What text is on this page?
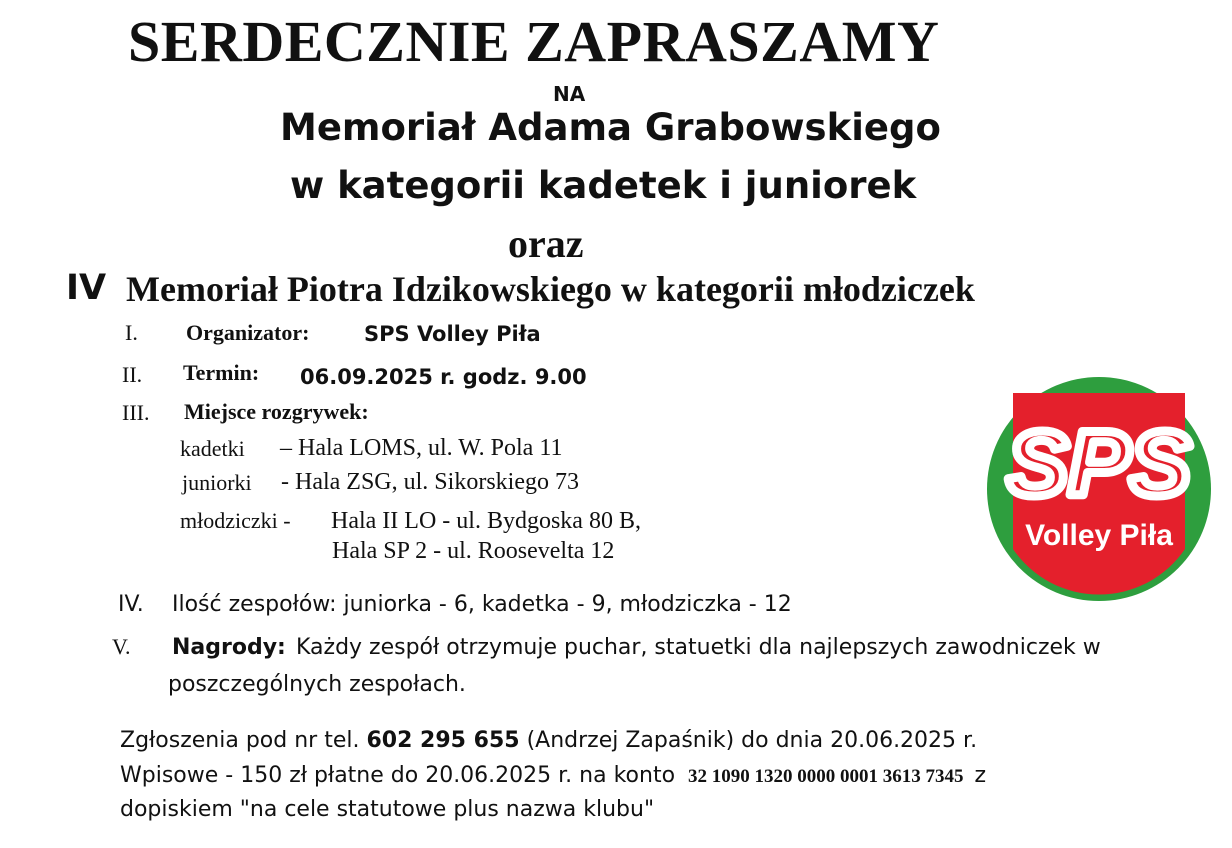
SERDECZNIE ZAPRASZAMY
NA
Memoriał Adama Grabowskiego
w kategorii kadetek i juniorek
oraz
IV Memoriał Piotra Idzikowskiego w kategorii młodziczek
I. Organizator:	SPS Volley Piła
II. Termin: 06.09.2025 r. godz. 9.00
III. Miejsce rozgrywek:
kadetki – Hala LOMS, ul. W. Pola 11
juniorki - Hala ZSG, ul. Sikorskiego 73
młodziczki - Hala II LO - ul. Bydgoska 80 B,
Hala SP 2 - ul. Roosevelta 12
IV. Ilość zespołów: juniorka - 6, kadetka - 9, młodziczka - 12
V. Nagrody: Każdy zespół otrzymuje puchar, statuetki dla najlepszych zawodniczek w
poszczególnych zespołach.
Zgłoszenia pod nr tel. 602 295 655 (Andrzej Zapaśnik) do dnia 20.06.2025 r.
Wpisowe - 150 zł płatne do 20.06.2025 r. na konto 32 1090 1320 0000 0001 3613 7345 z
dopiskiem "na cele statutowe plus nazwa klubu"
SPS
Volley Piła
